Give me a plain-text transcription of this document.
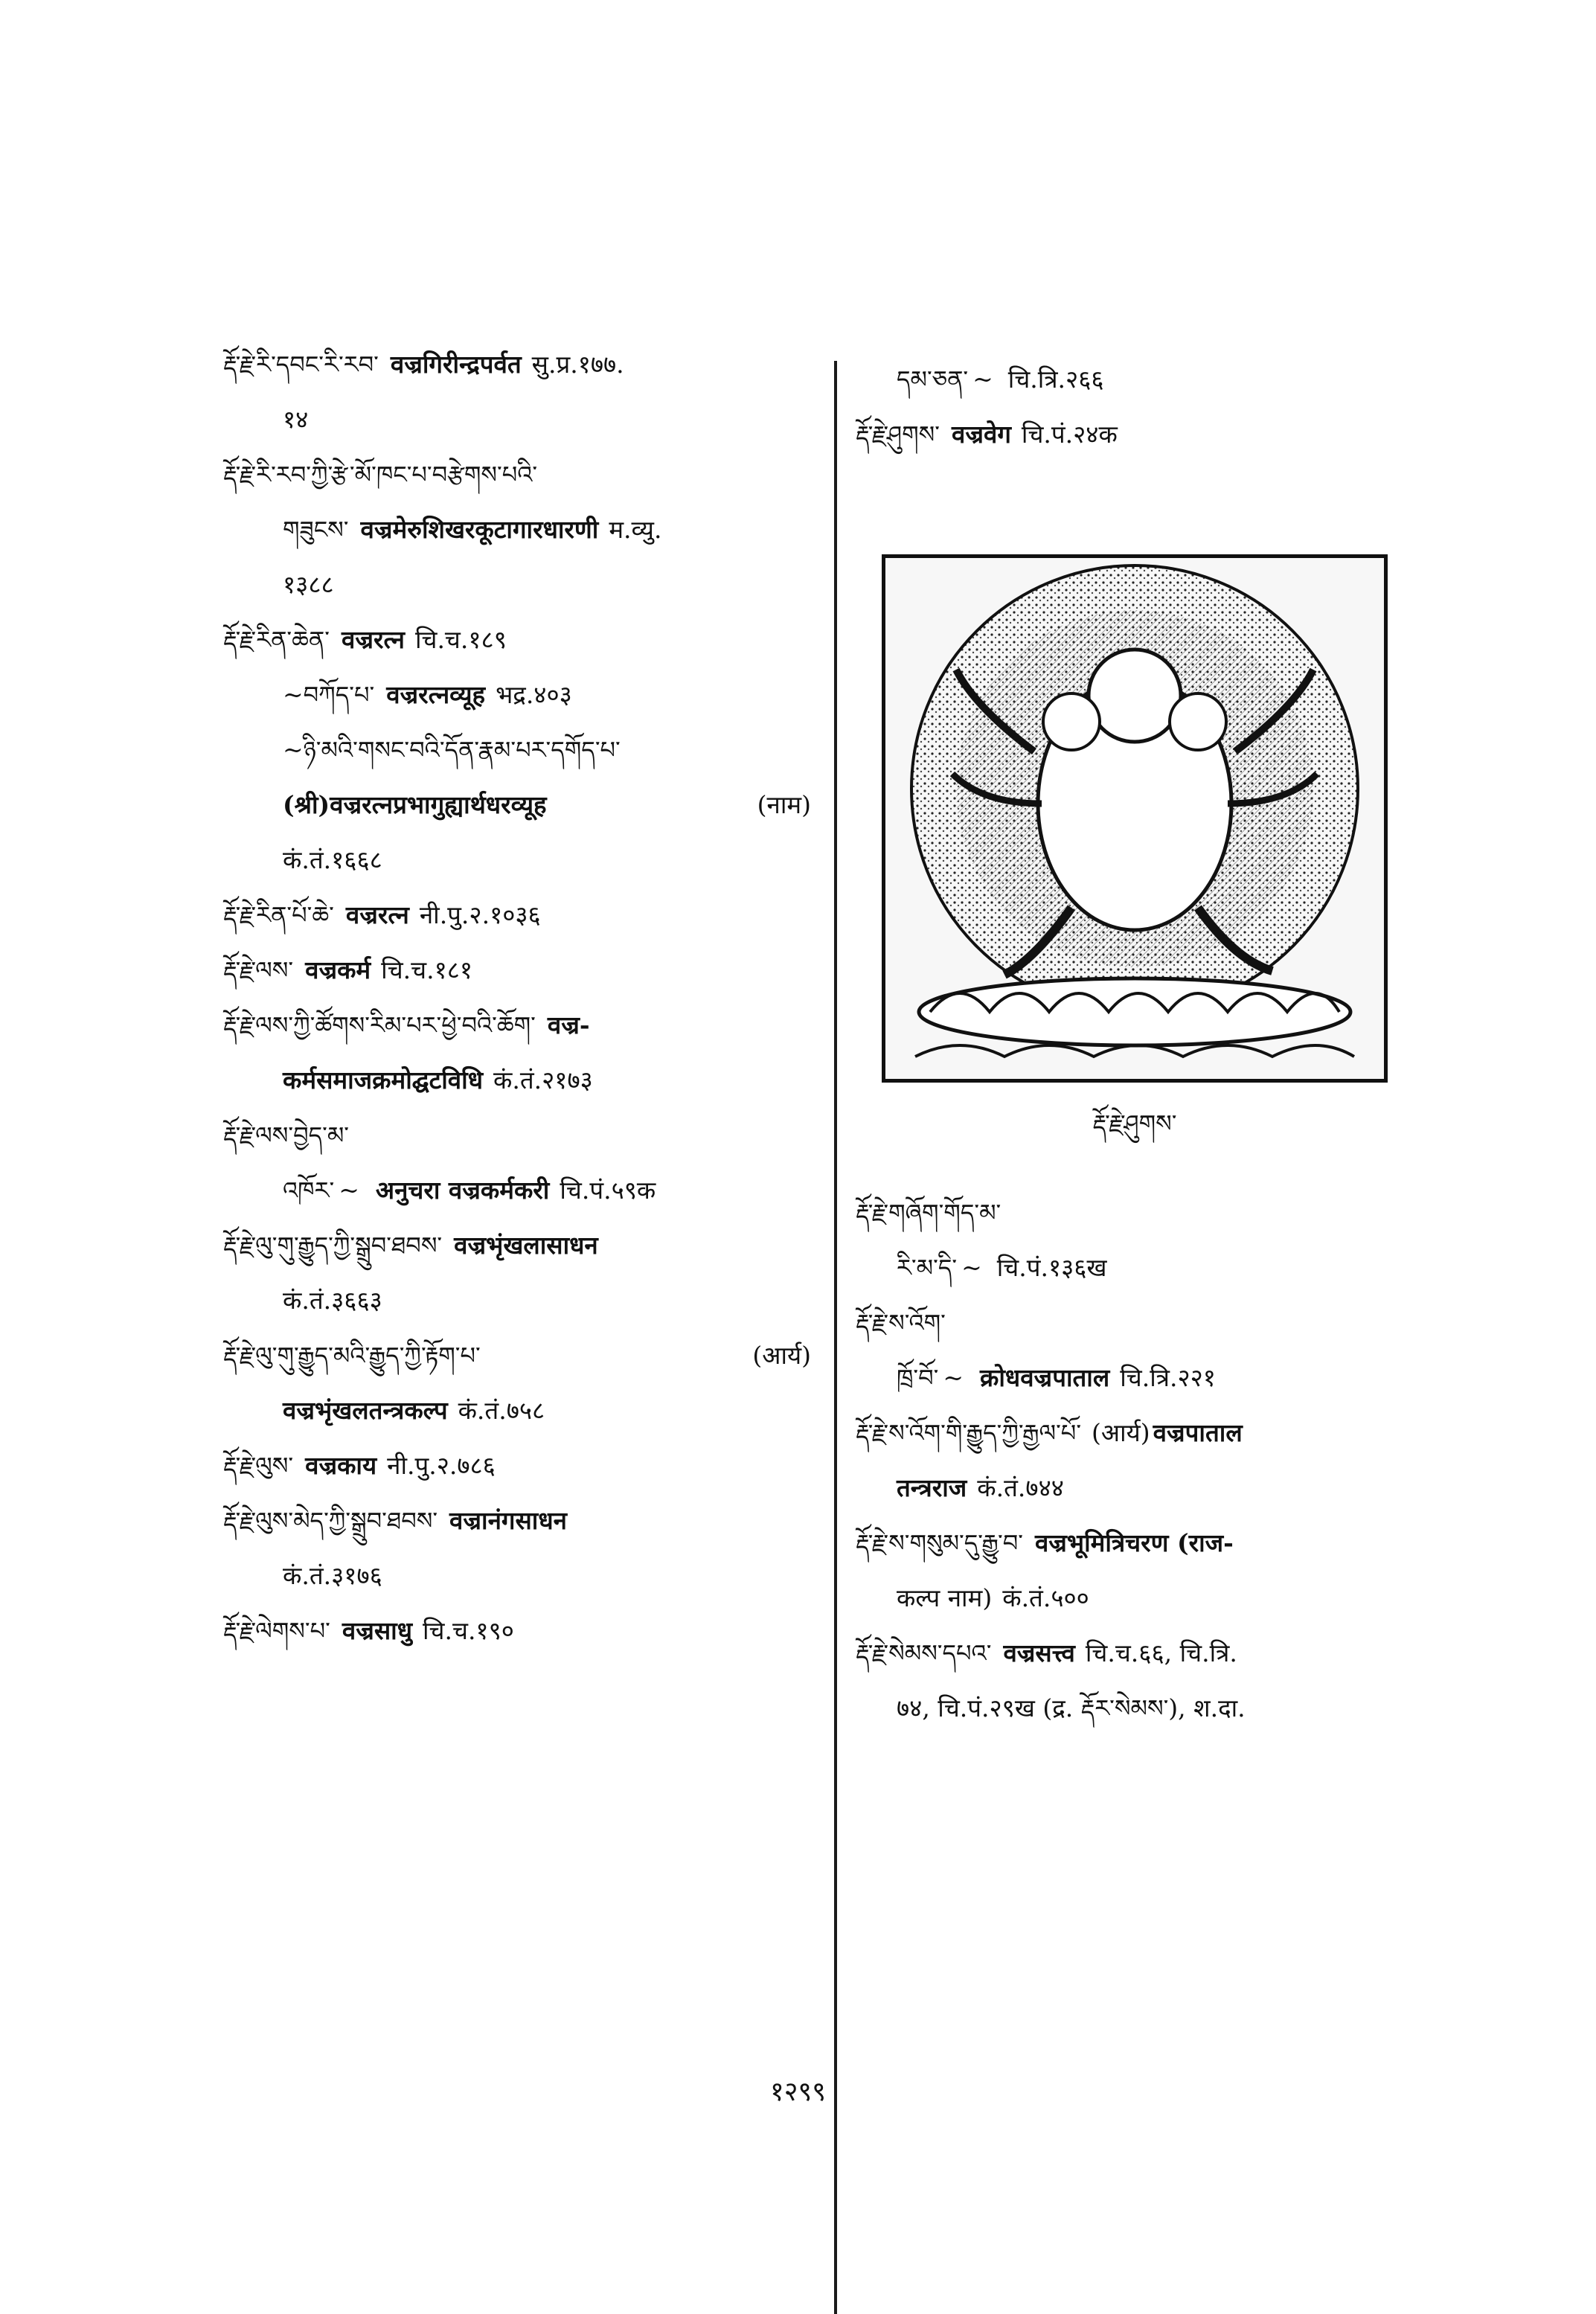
རྡོ་རྗེ་རི་དབང་རི་རབ་ वज्रगिरीन्द्रपर्वत सु.प्र.१७७.
१४
རྡོ་རྗེ་རི་རབ་ཀྱི་རྩེ་མོ་ཁང་པ་བརྩེགས་པའི་
གཟུངས་ वज्रमेरुशिखरकूटागारधारणी म.व्यु.
१३८८
རྡོ་རྗེ་རིན་ཆེན་ वज्ररत्न चि.च.१८९
~བཀོད་པ་ वज्ररत्नव्यूह भद्र.४०३
~ཉི་མའི་གསང་བའི་དོན་རྣམ་པར་དགོད་པ་
(श्री)वज्ररत्नप्रभागुह्यार्थधरव्यूह	(नाम)
कं.तं.१६६८
རྡོ་རྗེ་རིན་པོ་ཆེ་ वज्ररत्न नी.पु.२.१०३६
རྡོ་རྗེ་ལས་ वज्रकर्म चि.च.१८१
རྡོ་རྗེ་ལས་ཀྱི་ཚོགས་རིམ་པར་ཕྱེ་བའི་ཆོག་ वज्र-
कर्मसमाजक्रमोद्घटविधि कं.तं.२१७३
རྡོ་རྗེ་ལས་བྱེད་མ་
འཁོར་ ~ अनुचरा वज्रकर्मकरी चि.पं.५९क
རྡོ་རྗེ་ལུ་གུ་རྒྱུད་ཀྱི་སྒྲུབ་ཐབས་ वज्रभृंखलासाधन
कं.तं.३६६३
རྡོ་རྗེ་ལུ་གུ་རྒྱུད་མའི་རྒྱུད་ཀྱི་རྟོག་པ་	(आर्य)
वज्रभृंखलतन्त्रकल्प कं.तं.७५८
རྡོ་རྗེ་ལུས་ वज्रकाय नी.पु.२.७८६
རྡོ་རྗེ་ལུས་མེད་ཀྱི་སྒྲུབ་ཐབས་ वज्रानंगसाधन
कं.तं.३१७६
རྡོ་རྗེ་ལེགས་པ་ वज्रसाधु चि.च.१९०
དམ་ཅན་ ~ चि.त्रि.२६६
རྡོ་རྗེ་ཤུགས་ वज्रवेग चि.पं.२४क
རྡོ་རྗེ་ཤུགས་
རྡོ་རྗེ་གཞོག་གོད་མ་
རི་མ་དི་ ~ चि.पं.१३६ख
རྡོ་རྗེ་ས་འོག་
ཁྲོ་བོ་ ~ क्रोधवज्रपाताल चि.त्रि.२२१
རྡོ་རྗེ་ས་འོག་གི་རྒྱུད་ཀྱི་རྒྱལ་པོ་ (आर्य) वज्रपाताल
तन्त्रराज कं.तं.७४४
རྡོ་རྗེ་ས་གསུམ་དུ་རྒྱུ་བ་ वज्रभूमित्रिचरण (राज-
कल्प नाम) कं.तं.५००
རྡོ་རྗེ་སེམས་དཔའ་ वज्रसत्त्व चि.च.६६, चि.त्रि.
७४, चि.पं.२९ख (द्र. རྡོར་སེམས་), श.दा.
१२९९
